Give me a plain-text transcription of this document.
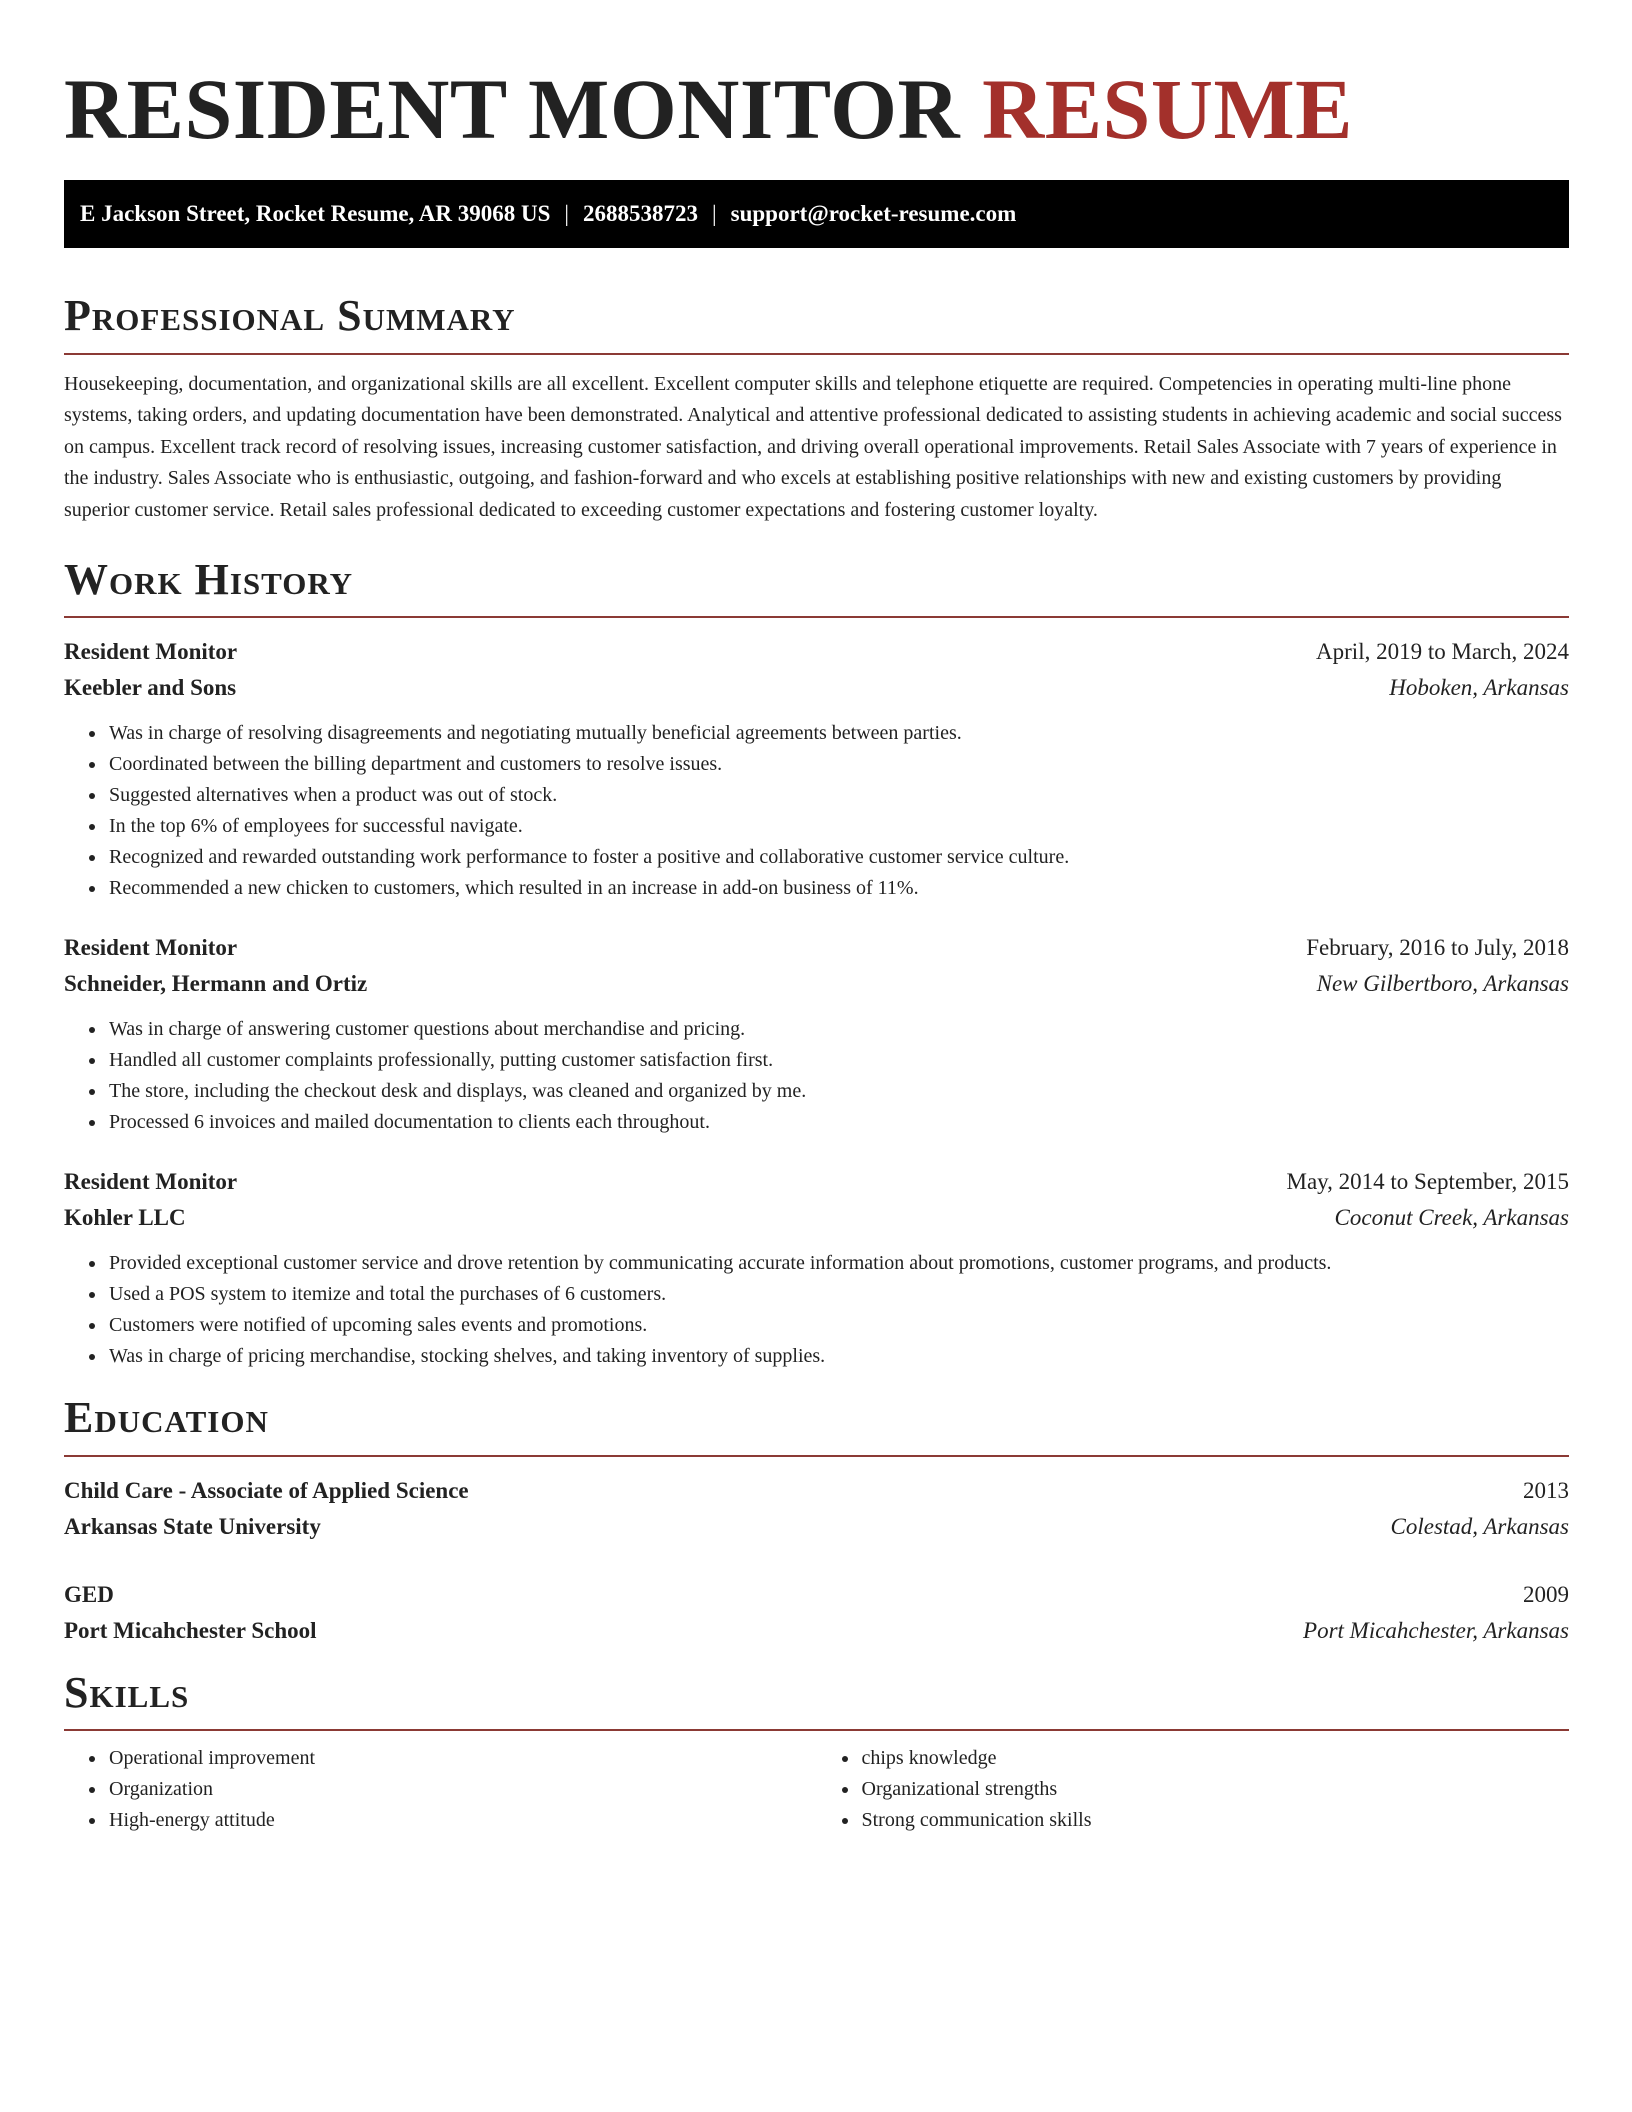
RESIDENT MONITOR RESUME
E Jackson Street, Rocket Resume, AR 39068 US | 2688538723 | support@rocket-resume.com
Professional Summary

Housekeeping, documentation, and organizational skills are all excellent. Excellent computer skills and telephone etiquette are required. Competencies in operating multi-line phone systems, taking orders, and updating documentation have been demonstrated. Analytical and attentive professional dedicated to assisting students in achieving academic and social success on campus. Excellent track record of resolving issues, increasing customer satisfaction, and driving overall operational improvements. Retail Sales Associate with 7 years of experience in the industry. Sales Associate who is enthusiastic, outgoing, and fashion-forward and who excels at establishing positive relationships with new and existing customers by providing superior customer service. Retail sales professional dedicated to exceeding customer expectations and fostering customer loyalty.

Work History
Resident Monitor	April, 2019 to March, 2024
Keebler and Sons	Hoboken, Arkansas
• Was in charge of resolving disagreements and negotiating mutually beneficial agreements between parties.
• Coordinated between the billing department and customers to resolve issues.
• Suggested alternatives when a product was out of stock.
• In the top 6% of employees for successful navigate.
• Recognized and rewarded outstanding work performance to foster a positive and collaborative customer service culture.
• Recommended a new chicken to customers, which resulted in an increase in add-on business of 11%.
Resident Monitor	February, 2016 to July, 2018
Schneider, Hermann and Ortiz	New Gilbertboro, Arkansas
• Was in charge of answering customer questions about merchandise and pricing.
• Handled all customer complaints professionally, putting customer satisfaction first.
• The store, including the checkout desk and displays, was cleaned and organized by me.
• Processed 6 invoices and mailed documentation to clients each throughout.
Resident Monitor	May, 2014 to September, 2015
Kohler LLC	Coconut Creek, Arkansas
• Provided exceptional customer service and drove retention by communicating accurate information about promotions, customer programs, and products.
• Used a POS system to itemize and total the purchases of 6 customers.
• Customers were notified of upcoming sales events and promotions.
• Was in charge of pricing merchandise, stocking shelves, and taking inventory of supplies.
Education
Child Care - Associate of Applied Science	2013
Arkansas State University	Colestad, Arkansas
GED	2009
Port Micahchester School	Port Micahchester, Arkansas
Skills
• Operational improvement
• Organization
• High-energy attitude
• chips knowledge
• Organizational strengths
• Strong communication skills
